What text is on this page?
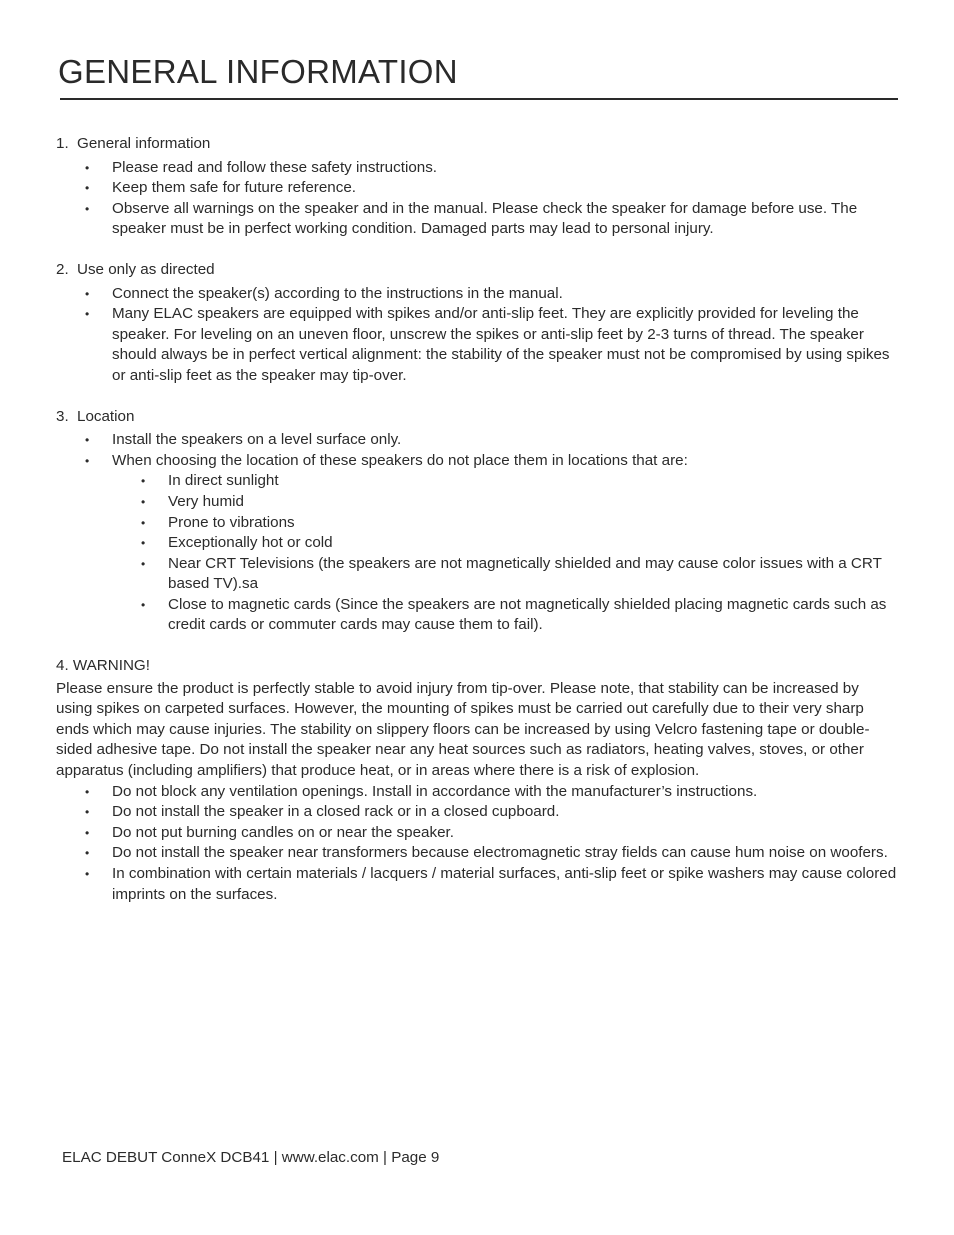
GENERAL INFORMATION
1. General information
• Please read and follow these safety instructions.
• Keep them safe for future reference.
• Observe all warnings on the speaker and in the manual. Please check the speaker for damage before use. The speaker must be in perfect working condition. Damaged parts may lead to personal injury.
2. Use only as directed
• Connect the speaker(s) according to the instructions in the manual.
• Many ELAC speakers are equipped with spikes and/or anti-slip feet. They are explicitly provided for leveling the speaker. For leveling on an uneven floor, unscrew the spikes or anti-slip feet by 2-3 turns of thread. The speaker should always be in perfect vertical alignment: the stability of the speaker must not be compromised by using spikes or anti-slip feet as the speaker may tip-over.
3. Location
• Install the speakers on a level surface only.
• When choosing the location of these speakers do not place them in locations that are:
• In direct sunlight
• Very humid
• Prone to vibrations
• Exceptionally hot or cold
• Near CRT Televisions (the speakers are not magnetically shielded and may cause color issues with a CRT based TV).sa
• Close to magnetic cards (Since the speakers are not magnetically shielded placing magnetic cards such as credit cards or commuter cards may cause them to fail).

4. WARNING!

Please ensure the product is perfectly stable to avoid injury from tip-over. Please note, that stability can be increased by using spikes on carpeted surfaces. However, the mounting of spikes must be carried out carefully due to their very sharp ends which may cause injuries. The stability on slippery floors can be increased by using Velcro fastening tape or double-sided adhesive tape. Do not install the speaker near any heat sources such as radiators, heating valves, stoves, or other apparatus (including amplifiers) that produce heat, or in areas where there is a risk of explosion.

• Do not block any ventilation openings. Install in accordance with the manufacturer’s instructions.
• Do not install the speaker in a closed rack or in a closed cupboard.
• Do not put burning candles on or near the speaker.
• Do not install the speaker near transformers because electromagnetic stray fields can cause hum noise on woofers.
• In combination with certain materials / lacquers / material surfaces, anti-slip feet or spike washers may cause colored imprints on the surfaces.
ELAC DEBUT ConneX DCB41 | www.elac.com | Page 9
